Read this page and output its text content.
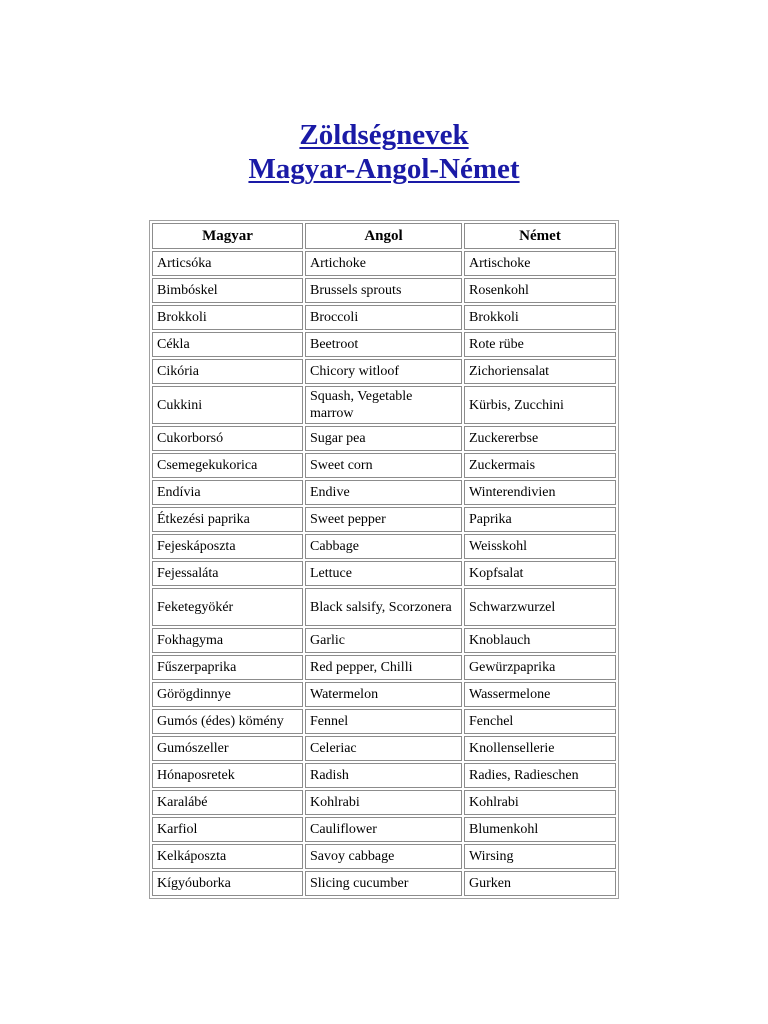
Zöldségnevek
Magyar-Angol-Német
Magyar	Angol	Német
Articsóka	Artichoke	Artischoke
Bimbóskel	Brussels sprouts	Rosenkohl
Brokkoli	Broccoli	Brokkoli
Cékla	Beetroot	Rote rübe
Cikória	Chicory witloof	Zichoriensalat
Cukkini	Squash, Vegetable marrow	Kürbis, Zucchini
Cukorborsó	Sugar pea	Zuckererbse
Csemegekukorica	Sweet corn	Zuckermais
Endívia	Endive	Winterendivien
Étkezési paprika	Sweet pepper	Paprika
Fejeskáposzta	Cabbage	Weisskohl
Fejessaláta	Lettuce	Kopfsalat
Feketegyökér	Black salsify, Scorzonera	Schwarzwurzel
Fokhagyma	Garlic	Knoblauch
Fűszerpaprika	Red pepper, Chilli	Gewürzpaprika
Görögdinnye	Watermelon	Wassermelone
Gumós (édes) kömény	Fennel	Fenchel
Gumószeller	Celeriac	Knollensellerie
Hónaposretek	Radish	Radies, Radieschen
Karalábé	Kohlrabi	Kohlrabi
Karfiol	Cauliflower	Blumenkohl
Kelkáposzta	Savoy cabbage	Wirsing
Kígyóuborka	Slicing cucumber	Gurken
